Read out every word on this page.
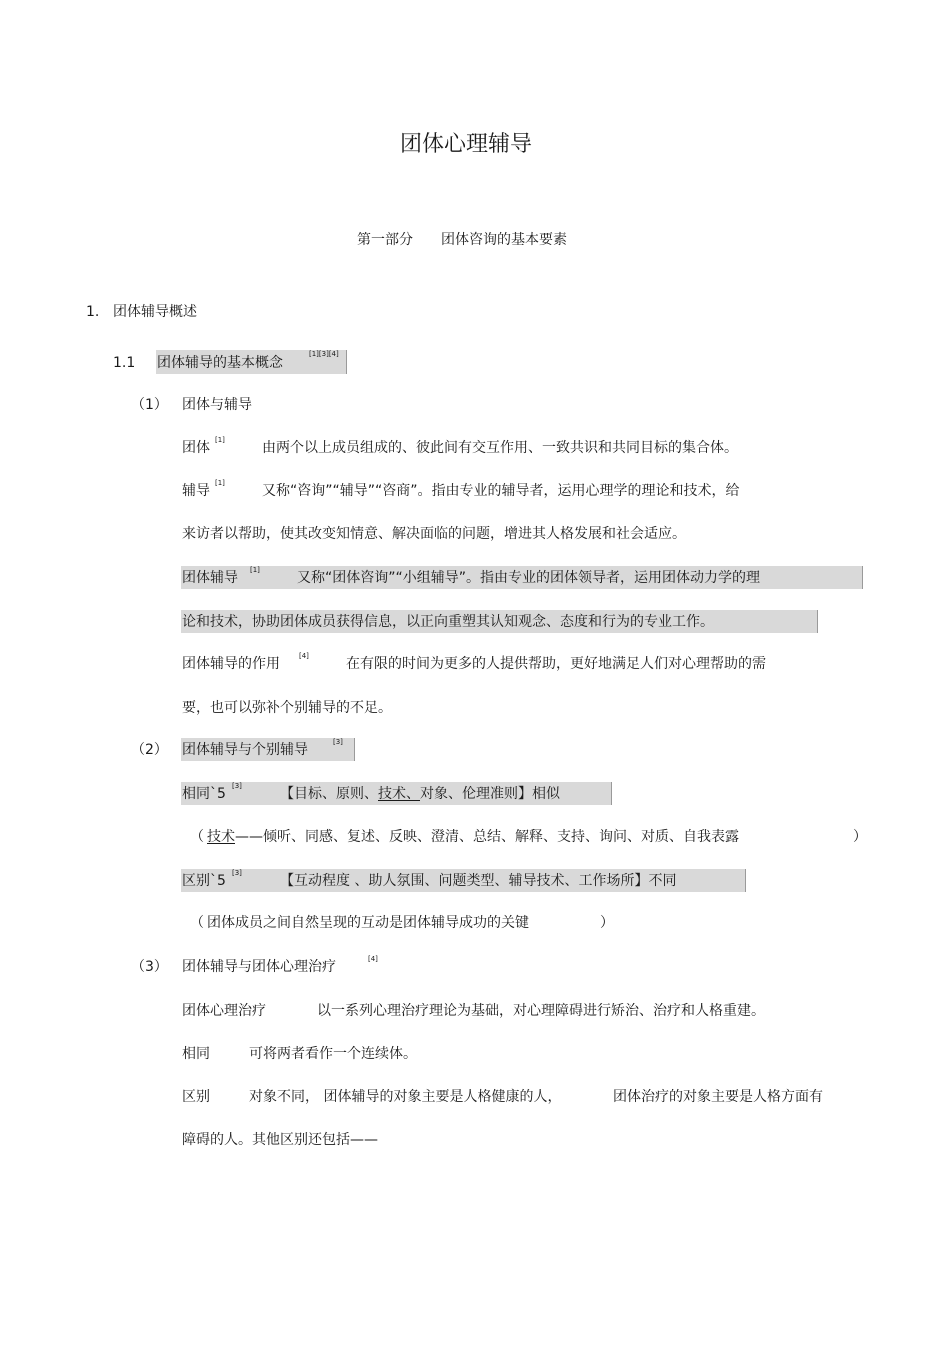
团体心理辅导
第一部分 团体咨询的基本要素
1. 团体辅导概述
1.1 团体辅导的基本概念
[1][3][4]
（1） 团体与辅导
团体 [1]	由两个以上成员组成的、彼此间有交互作用、一致共识和共同目标的集合体。
辅导 [1]	又称“咨询”“辅导”“咨商”。指由专业的辅导者，运用心理学的理论和技术，给
来访者以帮助，使其改变知情意、解决面临的问题，增进其人格发展和社会适应。
团体辅导 [1]	又称“团体咨询”“小组辅导”。指由专业的团体领导者，运用团体动力学的理
论和技术，协助团体成员获得信息，以正向重塑其认知观念、态度和行为的专业工作。
团体辅导的作用	[4]	在有限的时间为更多的人提供帮助，更好地满足人们对心理帮助的需
要，也可以弥补个别辅导的不足。
（2） 团体辅导与个别辅导	[3]
相同`5 [3]	【目标、原则、技术、对象、伦理准则】相似
（ 技术——倾听、同感、复述、反映、澄清、总结、解释、支持、询问、对质、自我表露	）
区别`5 [3]	【互动程度 、助人氛围、问题类型、辅导技术、工作场所】不同
（ 团体成员之间自然呈现的互动是团体辅导成功的关键	）
（3） 团体辅导与团体心理治疗	[4]
团体心理治疗	以一系列心理治疗理论为基础，对心理障碍进行矫治、治疗和人格重建。
相同	可将两者看作一个连续体。
区别	对象不同， 团体辅导的对象主要是人格健康的人，	团体治疗的对象主要是人格方面有
障碍的人。其他区别还包括——
